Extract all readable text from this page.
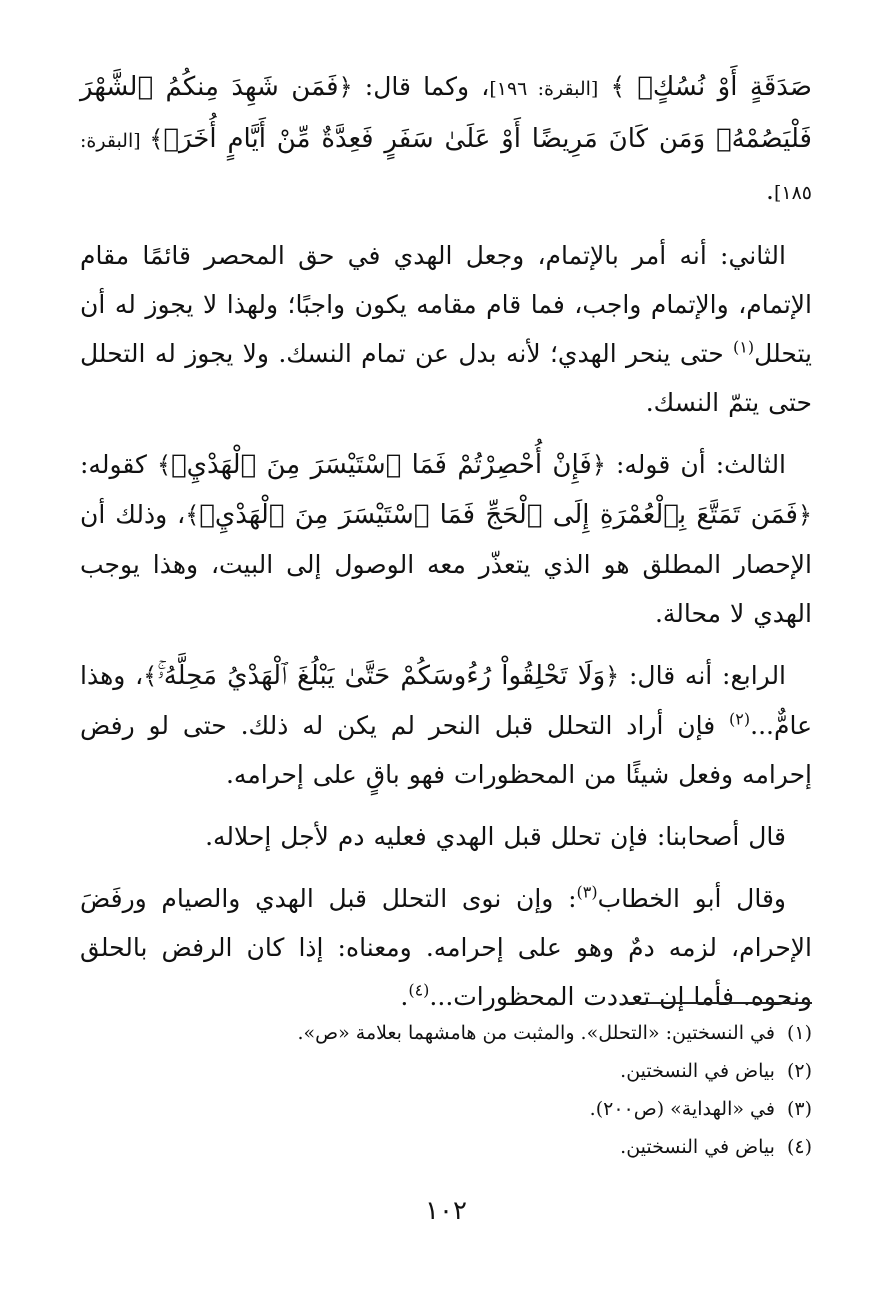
صَدَقَةٍ أَوْ نُسُكٍۚ ﴾ [البقرة: ١٩٦]، وكما قال: ﴿فَمَن شَهِدَ مِنكُمُ ٱلشَّهْرَ فَلْيَصُمْهُۖ وَمَن كَانَ مَرِيضًا أَوْ عَلَىٰ سَفَرٍ فَعِدَّةٌ مِّنْ أَيَّامٍ أُخَرَۗ﴾ [البقرة: ١٨٥].

الثاني: أنه أمر بالإتمام، وجعل الهدي في حق المحصر قائمًا مقام الإتمام، والإتمام واجب، فما قام مقامه يكون واجبًا؛ ولهذا لا يجوز له أن يتحلل$^{(١)}$ حتى ينحر الهدي؛ لأنه بدل عن تمام النسك. ولا يجوز له التحلل حتى يتمّ النسك.

الثالث: أن قوله: ﴿فَإِنْ أُحْصِرْتُمْ فَمَا ٱسْتَيْسَرَ مِنَ ٱلْهَدْيِۖ﴾ كقوله: ﴿فَمَن تَمَتَّعَ بِٱلْعُمْرَةِ إِلَى ٱلْحَجِّ فَمَا ٱسْتَيْسَرَ مِنَ ٱلْهَدْيِۚ﴾، وذلك أن الإحصار المطلق هو الذي يتعذّر معه الوصول إلى البيت، وهذا يوجب الهدي لا محالة.

الرابع: أنه قال: ﴿وَلَا تَحْلِقُواْ رُءُوسَكُمْ حَتَّىٰ يَبْلُغَ ٱلْهَدْيُ مَحِلَّهُۥۚ﴾، وهذا عامٌّ...$^{(٢)}$ فإن أراد التحلل قبل النحر لم يكن له ذلك. حتى لو رفض إحرامه وفعل شيئًا من المحظورات فهو باقٍ على إحرامه.

قال أصحابنا: فإن تحلل قبل الهدي فعليه دم لأجل إحلاله.

وقال أبو الخطاب$^{(٣)}$: وإن نوى التحلل قبل الهدي والصيام ورفَضَ الإحرام، لزمه دمٌ وهو على إحرامه. ومعناه: إذا كان الرفض بالحلق ونحوه. فأما إن تعددت المحظورات...$^{(٤)}$.

(١)في النسختين: «التحلل». والمثبت من هامشهما بعلامة «ص».

(٢)بياض في النسختين.

(٣)في «الهداية» (ص٢٠٠).

(٤)بياض في النسختين.

١٠٢
